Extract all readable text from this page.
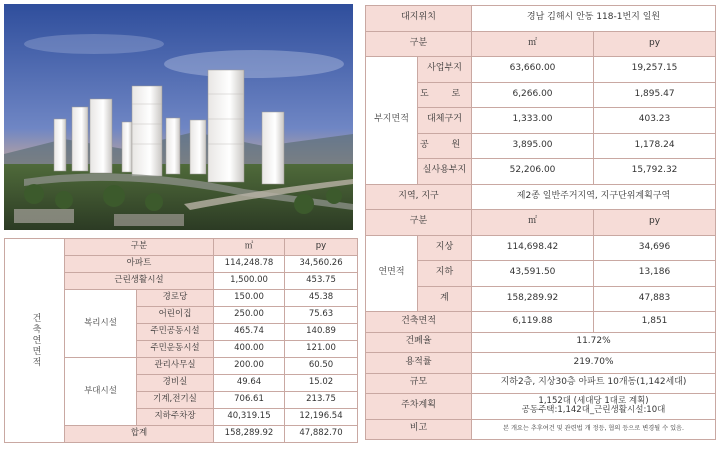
건축연면적	구분		㎡	py
	아파트		114,248.78	34,560.26
	근린생활시설		1,500.00	453.75
	복리시설	경로당	150.00	45.38
		어린이집	250.00	75.63
		주민공동시설	465.74	140.89
		주민운동시설	400.00	121.00
	부대시설	관리사무실	200.00	60.50
		경비실	49.64	15.02
		기계,전기실	706.61	213.75
		지하주차장	40,319.15	12,196.54
	합계		158,289.92	47,882.70
대지위치		경남 김해시 안동 118-1번지 일원	
구분		㎡	py
부지면적	사업부지	63,660.00	19,257.15
	도 로	6,266.00	1,895.47
	대체구거	1,333.00	403.23
	공 원	3,895.00	1,178.24
	실사용부지	52,206.00	15,792.32
지역, 지구		제2종 일반주거지역, 지구단위계획구역	
구분		㎡	py
연면적	지상	114,698.42	34,696
	지하	43,591.50	13,186
	계	158,289.92	47,883
건축면적		6,119.88	1,851
건폐율		11.72%	
용적률		219.70%	
규모		지하2층, 지상30층 아파트 10개동(1,142세대)	
주차계획		1,152대 (세대당 1대로 계획)
공동주택:1,142대_근린생활시설:10대	

비고		본 개요는 추후여건 및 관련법 개 정등, 협의 등으로 변경될 수 있음.	
